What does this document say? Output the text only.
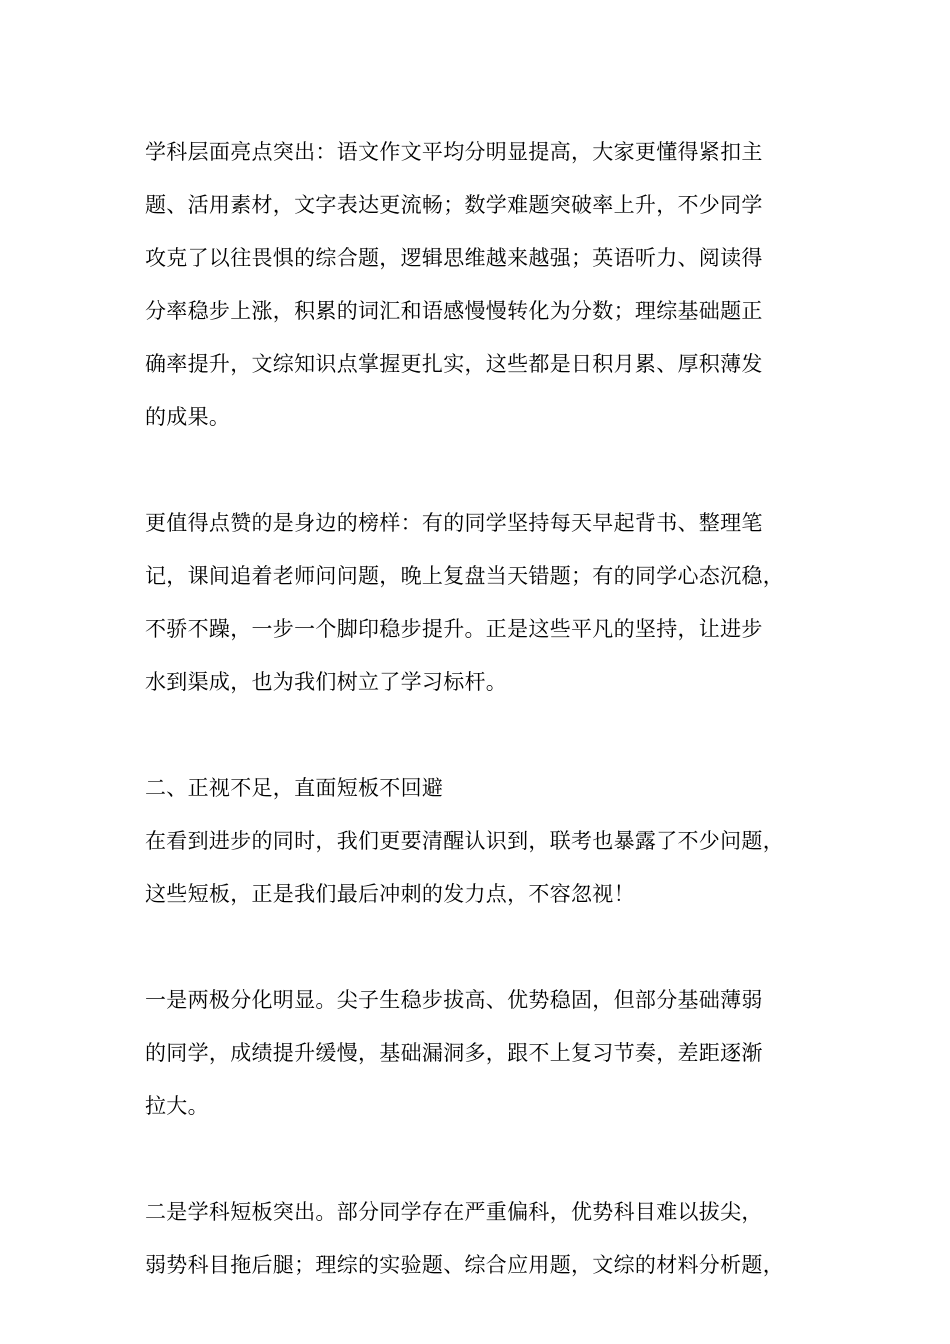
学科层面亮点突出：语文作文平均分明显提高，大家更懂得紧扣主
题、活用素材，文字表达更流畅；数学难题突破率上升，不少同学
攻克了以往畏惧的综合题，逻辑思维越来越强；英语听力、阅读得
分率稳步上涨，积累的词汇和语感慢慢转化为分数；理综基础题正
确率提升，文综知识点掌握更扎实，这些都是日积月累、厚积薄发
的成果。
更值得点赞的是身边的榜样：有的同学坚持每天早起背书、整理笔
记，课间追着老师问问题，晚上复盘当天错题；有的同学心态沉稳，
不骄不躁，一步一个脚印稳步提升。正是这些平凡的坚持，让进步
水到渠成，也为我们树立了学习标杆。
二、正视不足，直面短板不回避
在看到进步的同时，我们更要清醒认识到，联考也暴露了不少问题，
这些短板，正是我们最后冲刺的发力点，不容忽视！
一是两极分化明显。尖子生稳步拔高、优势稳固，但部分基础薄弱
的同学，成绩提升缓慢，基础漏洞多，跟不上复习节奏，差距逐渐
拉大。
二是学科短板突出。部分同学存在严重偏科，优势科目难以拔尖，
弱势科目拖后腿；理综的实验题、综合应用题，文综的材料分析题，
